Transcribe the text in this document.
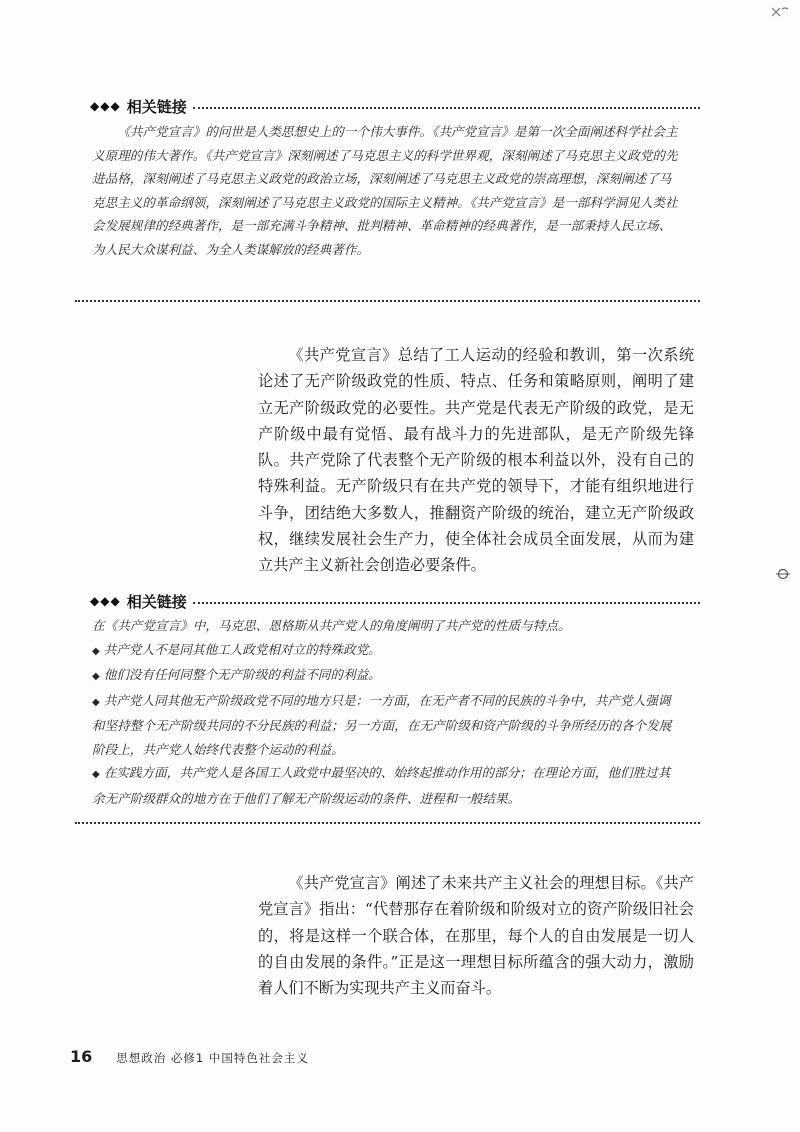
◆◆◆ 相关链接

《共产党宣言》的问世是人类思想史上的一个伟大事件。《共产党宣言》是第一次全面阐述科学社会主义原理的伟大著作。《共产党宣言》深刻阐述了马克思主义的科学世界观，深刻阐述了马克思主义政党的先进品格，深刻阐述了马克思主义政党的政治立场，深刻阐述了马克思主义政党的崇高理想，深刻阐述了马克思主义的革命纲领，深刻阐述了马克思主义政党的国际主义精神。《共产党宣言》是一部科学洞见人类社会发展规律的经典著作，是一部充满斗争精神、批判精神、革命精神的经典著作，是一部秉持人民立场、为人民大众谋利益、为全人类谋解放的经典著作。

《共产党宣言》总结了工人运动的经验和教训，第一次系统论述了无产阶级政党的性质、特点、任务和策略原则，阐明了建立无产阶级政党的必要性。共产党是代表无产阶级的政党，是无产阶级中最有觉悟、最有战斗力的先进部队，是无产阶级先锋队。共产党除了代表整个无产阶级的根本利益以外，没有自己的特殊利益。无产阶级只有在共产党的领导下，才能有组织地进行斗争，团结绝大多数人，推翻资产阶级的统治，建立无产阶级政权，继续发展社会生产力，使全体社会成员全面发展，从而为建立共产主义新社会创造必要条件。

◆◆◆ 相关链接

在《共产党宣言》中，马克思、恩格斯从共产党人的角度阐明了共产党的性质与特点。

◆ 共产党人不是同其他工人政党相对立的特殊政党。

◆ 他们没有任何同整个无产阶级的利益不同的利益。

◆ 共产党人同其他无产阶级政党不同的地方只是：一方面，在无产者不同的民族的斗争中，共产党人强调和坚持整个无产阶级共同的不分民族的利益；另一方面，在无产阶级和资产阶级的斗争所经历的各个发展阶段上，共产党人始终代表整个运动的利益。

◆ 在实践方面，共产党人是各国工人政党中最坚决的、始终起推动作用的部分；在理论方面，他们胜过其余无产阶级群众的地方在于他们了解无产阶级运动的条件、进程和一般结果。

《共产党宣言》阐述了未来共产主义社会的理想目标。《共产党宣言》指出：“代替那存在着阶级和阶级对立的资产阶级旧社会的，将是这样一个联合体，在那里，每个人的自由发展是一切人的自由发展的条件。”正是这一理想目标所蕴含的强大动力，激励着人们不断为实现共产主义而奋斗。

16 思想政治 必修1 中国特色社会主义
